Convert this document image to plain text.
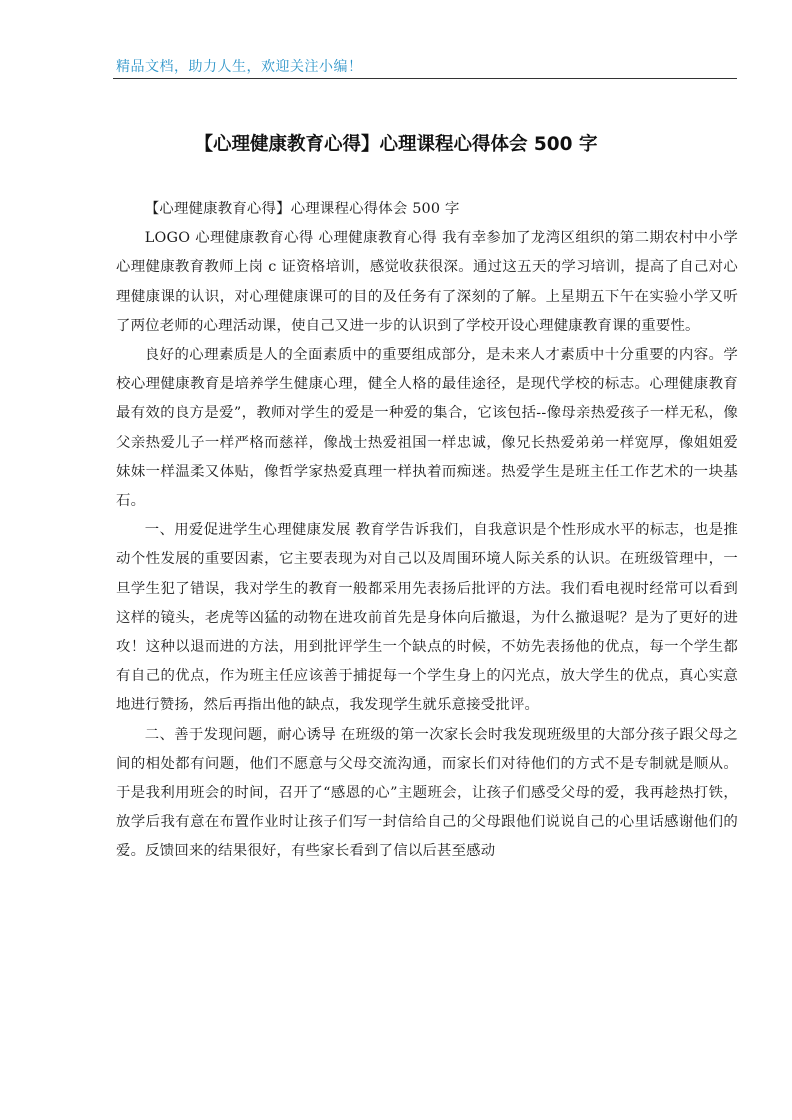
精品文档，助力人生，欢迎关注小编！
【心理健康教育心得】心理课程心得体会 500 字

【心理健康教育心得】心理课程心得体会 500 字

LOGO 心理健康教育心得 心理健康教育心得 我有幸参加了龙湾区组织的第二期农村中小学心理健康教育教师上岗 c 证资格培训，感觉收获很深。通过这五天的学习培训，提高了自己对心理健康课的认识，对心理健康课可的目的及任务有了深刻的了解。上星期五下午在实验小学又听了两位老师的心理活动课，使自己又进一步的认识到了学校开设心理健康教育课的重要性。

良好的心理素质是人的全面素质中的重要组成部分，是未来人才素质中十分重要的内容。学校心理健康教育是培养学生健康心理，健全人格的最佳途径，是现代学校的标志。心理健康教育最有效的良方是爱”，教师对学生的爱是一种爱的集合，它该包括--像母亲热爱孩子一样无私，像父亲热爱儿子一样严格而慈祥，像战士热爱祖国一样忠诚，像兄长热爱弟弟一样宽厚，像姐姐爱妹妹一样温柔又体贴，像哲学家热爱真理一样执着而痴迷。热爱学生是班主任工作艺术的一块基石。

一、用爱促进学生心理健康发展 教育学告诉我们，自我意识是个性形成水平的标志，也是推动个性发展的重要因素，它主要表现为对自己以及周围环境人际关系的认识。在班级管理中，一旦学生犯了错误，我对学生的教育一般都采用先表扬后批评的方法。我们看电视时经常可以看到这样的镜头，老虎等凶猛的动物在进攻前首先是身体向后撤退，为什么撤退呢？是为了更好的进攻！这种以退而进的方法，用到批评学生一个缺点的时候，不妨先表扬他的优点，每一个学生都有自己的优点，作为班主任应该善于捕捉每一个学生身上的闪光点，放大学生的优点，真心实意地进行赞扬，然后再指出他的缺点，我发现学生就乐意接受批评。

二、善于发现问题，耐心诱导 在班级的第一次家长会时我发现班级里的大部分孩子跟父母之间的相处都有问题，他们不愿意与父母交流沟通，而家长们对待他们的方式不是专制就是顺从。于是我利用班会的时间，召开了“感恩的心”主题班会，让孩子们感受父母的爱，我再趁热打铁，放学后我有意在布置作业时让孩子们写一封信给自己的父母跟他们说说自己的心里话感谢他们的爱。反馈回来的结果很好，有些家长看到了信以后甚至感动
